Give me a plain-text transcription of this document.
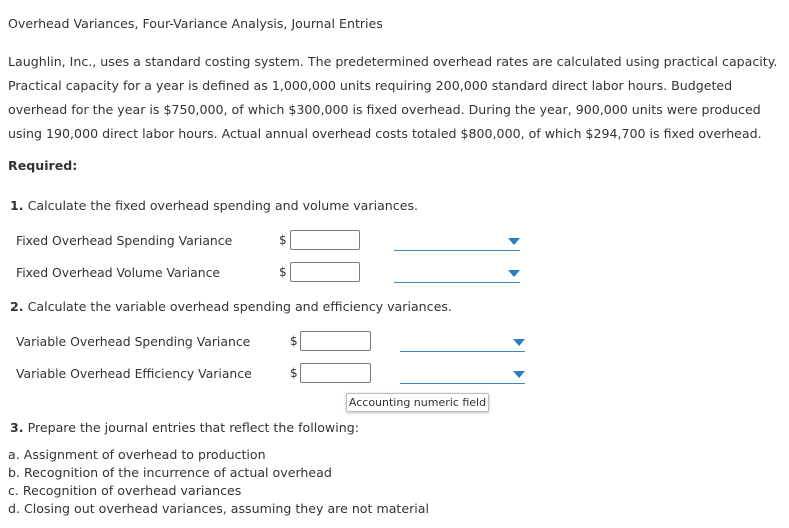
Overhead Variances, Four-Variance Analysis, Journal Entries
Laughlin, Inc., uses a standard costing system. The predetermined overhead rates are calculated using practical capacity. Practical capacity for a year is defined as 1,000,000 units requiring 200,000 standard direct labor hours. Budgeted overhead for the year is $750,000, of which $300,000 is fixed overhead. During the year, 900,000 units were produced using 190,000 direct labor hours. Actual annual overhead costs totaled $800,000, of which $294,700 is fixed overhead.
Required:
1. Calculate the fixed overhead spending and volume variances.
Fixed Overhead Spending Variance	$
Fixed Overhead Volume Variance	$
2. Calculate the variable overhead spending and efficiency variances.
Variable Overhead Spending Variance	$
Variable Overhead Efficiency Variance	$
Accounting numeric field
3. Prepare the journal entries that reflect the following:
a. Assignment of overhead to production
b. Recognition of the incurrence of actual overhead
c. Recognition of overhead variances
d. Closing out overhead variances, assuming they are not material
